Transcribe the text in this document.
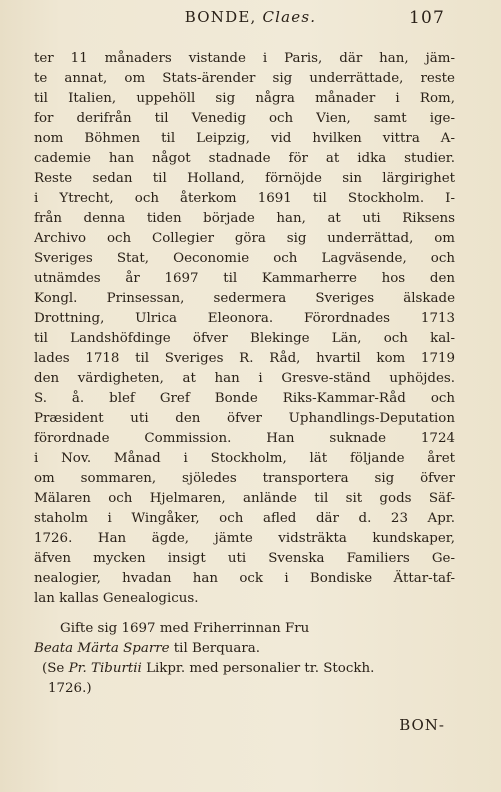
BONDE, Claes.	107
ter 11 månaders vistande i Paris, där han, jäm-
te annat, om Stats-ärender sig underrättade, reste
til Italien, uppehöll sig några månader i Rom,
for derifrån til Venedig och Vien, samt ige-
nom Böhmen til Leipzig, vid hvilken vittra A-
cademie han något stadnade för at idka studier.
Reste sedan til Holland, förnöjde sin lärgirighet
i Ytrecht, och återkom 1691 til Stockholm. I-
från denna tiden började han, at uti Riksens
Archivo och Collegier göra sig underrättad, om
Sveriges Stat, Oeconomie och Lagväsende, och
utnämdes år 1697 til Kammarherre hos den
Kongl. Prinsessan, sedermera Sveriges älskade
Drottning, Ulrica Eleonora. Förordnades 1713
til Landshöfdinge öfver Blekinge Län, och kal-
lades 1718 til Sveriges R. Råd, hvartil kom 1719
den värdigheten, at han i Gresve-ständ uphöjdes.
S. å. blef Gref Bonde Riks-Kammar-Råd och
Præsident uti den öfver Uphandlings-Deputation
förordnade Commission. Han suknade 1724
i Nov. Månad i Stockholm, lät följande året
om sommaren, sjöledes transportera sig öfver
Mälaren och Hjelmaren, anlände til sit gods Säf-
staholm i Wingåker, och afled där d. 23 Apr.
1726. Han ägde, jämte vidsträkta kundskaper,
äfven mycken insigt uti Svenska Familiers Ge-
nealogier, hvadan han ock i Bondiske Ättar-taf-
lan kallas Genealogicus.
Gifte sig 1697 med Friherrinnan Fru
Beata Märta Sparre til Berquara.
(Se Pr. Tiburtii Likpr. med personalier tr. Stockh.
1726.)
BON-
